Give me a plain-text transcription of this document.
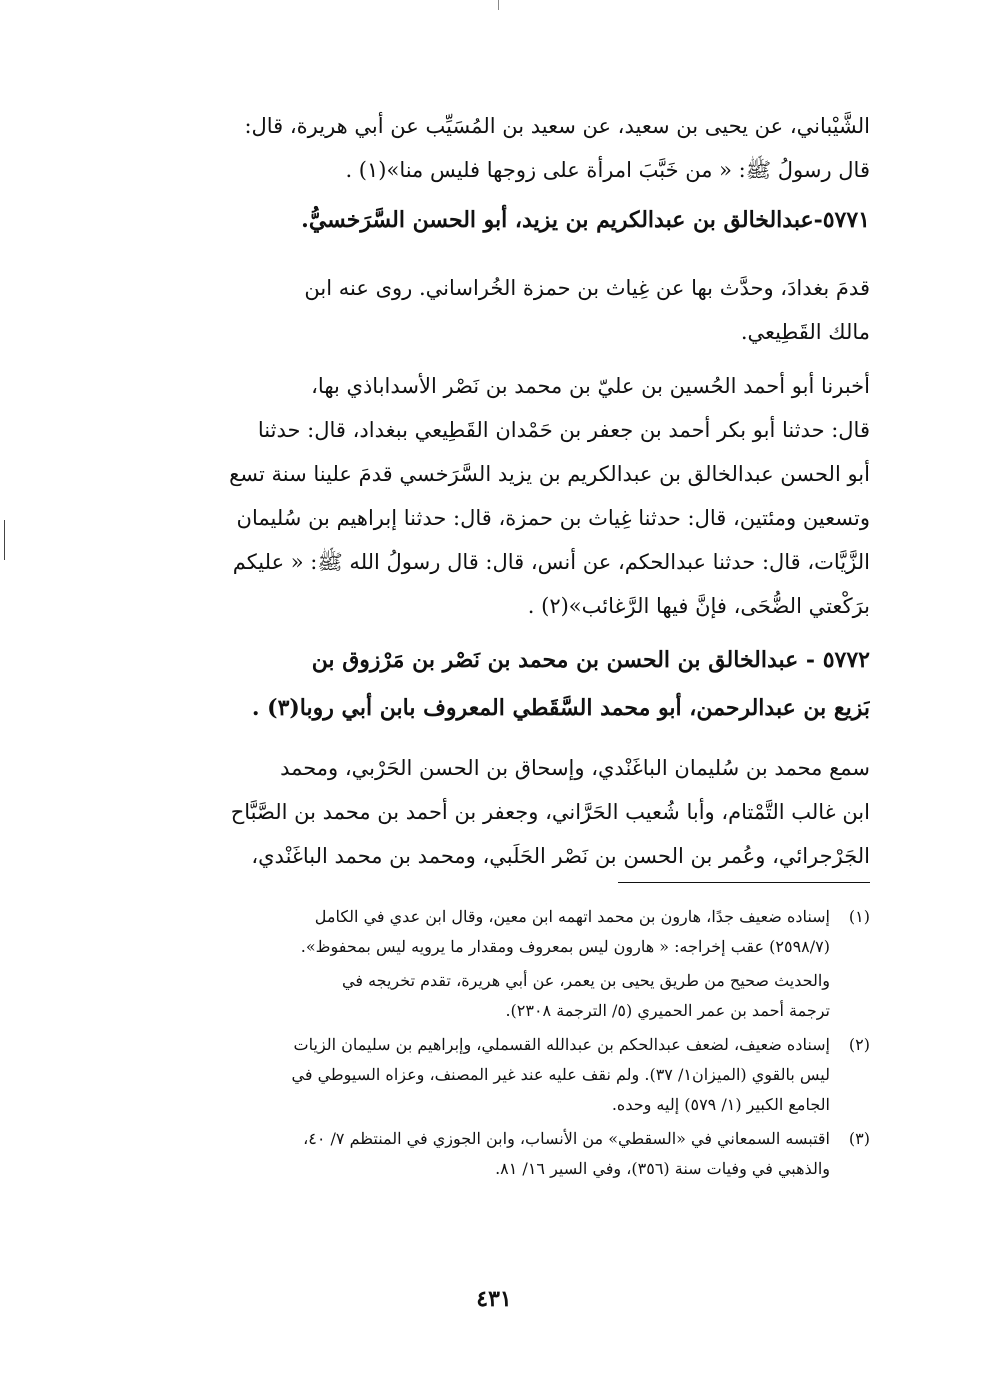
الشَّيْباني، عن يحيى بن سعيد، عن سعيد بن المُسَيِّب عن أبي هريرة، قال:
قال رسولُ ﷺ: « من خَبَّبَ امرأة على زوجها فليس منا»(١) .
٥٧٧١-عبدالخالق بن عبدالكريم بن يزيد، أبو الحسن السَّرَخسيُّ.
قدمَ بغدادَ، وحدَّث بها عن غِياث بن حمزة الخُراساني. روى عنه ابن
مالك القَطِيعي.
أخبرنا أبو أحمد الحُسين بن عليّ بن محمد بن نَصْر الأسداباذي بها،
قال: حدثنا أبو بكر أحمد بن جعفر بن حَمْدان القَطِيعي ببغداد، قال: حدثنا
أبو الحسن عبدالخالق بن عبدالكريم بن يزيد السَّرَخسي قدمَ علينا سنة تسع
وتسعين ومئتين، قال: حدثنا غِياث بن حمزة، قال: حدثنا إبراهيم بن سُليمان
الزَّيَّات، قال: حدثنا عبدالحكم، عن أنس، قال: قال رسولُ الله ﷺ: « عليكم
برَكْعتي الضُّحَى، فإنَّ فيها الرَّغائب»(٢) .
٥٧٧٢ - عبدالخالق بن الحسن بن محمد بن نَصْر بن مَرْزوق بن
بَزيع بن عبدالرحمن، أبو محمد السَّقَطي المعروف بابن أبي روبا(٣) .
سمع محمد بن سُليمان الباغَنْدي، وإسحاق بن الحسن الحَرْبي، ومحمد
ابن غالب التَّمْتام، وأبا شُعيب الحَرَّاني، وجعفر بن أحمد بن محمد بن الصَّبَّاح
الجَرْجرائي، وعُمر بن الحسن بن نَصْر الحَلَبي، ومحمد بن محمد الباغَنْدي،
(١)إسناده ضعيف جدًا، هارون بن محمد اتهمه ابن معين، وقال ابن عدي في الكامل
(٢٥٩٨/٧) عقب إخراجه: « هارون ليس بمعروف ومقدار ما يرويه ليس بمحفوظ».
والحديث صحيح من طريق يحيى بن يعمر، عن أبي هريرة، تقدم تخريجه في
ترجمة أحمد بن عمر الحميري (٥/ الترجمة ٢٣٠٨).
(٢)إسناده ضعيف، لضعف عبدالحكم بن عبدالله القسملي، وإبراهيم بن سليمان الزيات
ليس بالقوي (الميزان١/ ٣٧). ولم نقف عليه عند غير المصنف، وعزاه السيوطي في
الجامع الكبير (١/ ٥٧٩) إليه وحده.
(٣)اقتبسه السمعاني في «السقطي» من الأنساب، وابن الجوزي في المنتظم ٧/ ٤٠،
والذهبي في وفيات سنة (٣٥٦)، وفي السير ١٦/ ٨١.
٤٣١
